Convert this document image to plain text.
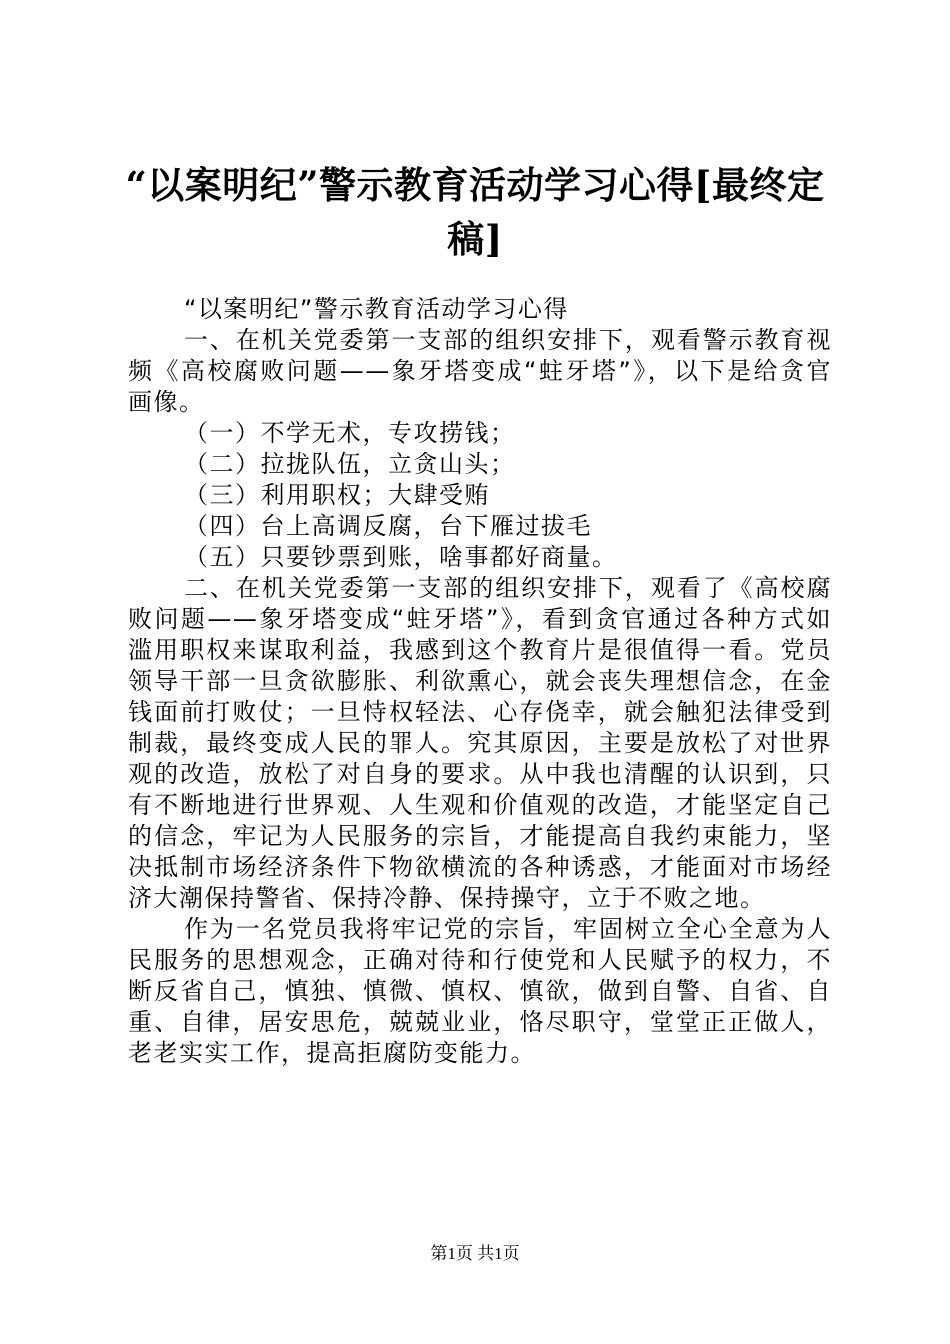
“以案明纪”警示教育活动学习心得[最终定稿]

“以案明纪”警示教育活动学习心得

一、在机关党委第一支部的组织安排下，观看警示教育视频《高校腐败问题——象牙塔变成“蛀牙塔”》，以下是给贪官画像。

（一）不学无术，专攻捞钱；

（二）拉拢队伍，立贪山头；

（三）利用职权；大肆受贿

（四）台上高调反腐，台下雁过拔毛

（五）只要钞票到账，啥事都好商量。

二、在机关党委第一支部的组织安排下，观看了《高校腐败问题——象牙塔变成“蛀牙塔”》，看到贪官通过各种方式如滥用职权来谋取利益，我感到这个教育片是很值得一看。党员领导干部一旦贪欲膨胀、利欲熏心，就会丧失理想信念，在金钱面前打败仗；一旦恃权轻法、心存侥幸，就会触犯法律受到制裁，最终变成人民的罪人。究其原因，主要是放松了对世界观的改造，放松了对自身的要求。从中我也清醒的认识到，只有不断地进行世界观、人生观和价值观的改造，才能坚定自己的信念，牢记为人民服务的宗旨，才能提高自我约束能力，坚决抵制市场经济条件下物欲横流的各种诱惑，才能面对市场经济大潮保持警省、保持冷静、保持操守，立于不败之地。

作为一名党员我将牢记党的宗旨，牢固树立全心全意为人民服务的思想观念，正确对待和行使党和人民赋予的权力，不断反省自己，慎独、慎微、慎权、慎欲，做到自警、自省、自重、自律，居安思危，兢兢业业，恪尽职守，堂堂正正做人，老老实实工作，提高拒腐防变能力。

第1页 共1页
